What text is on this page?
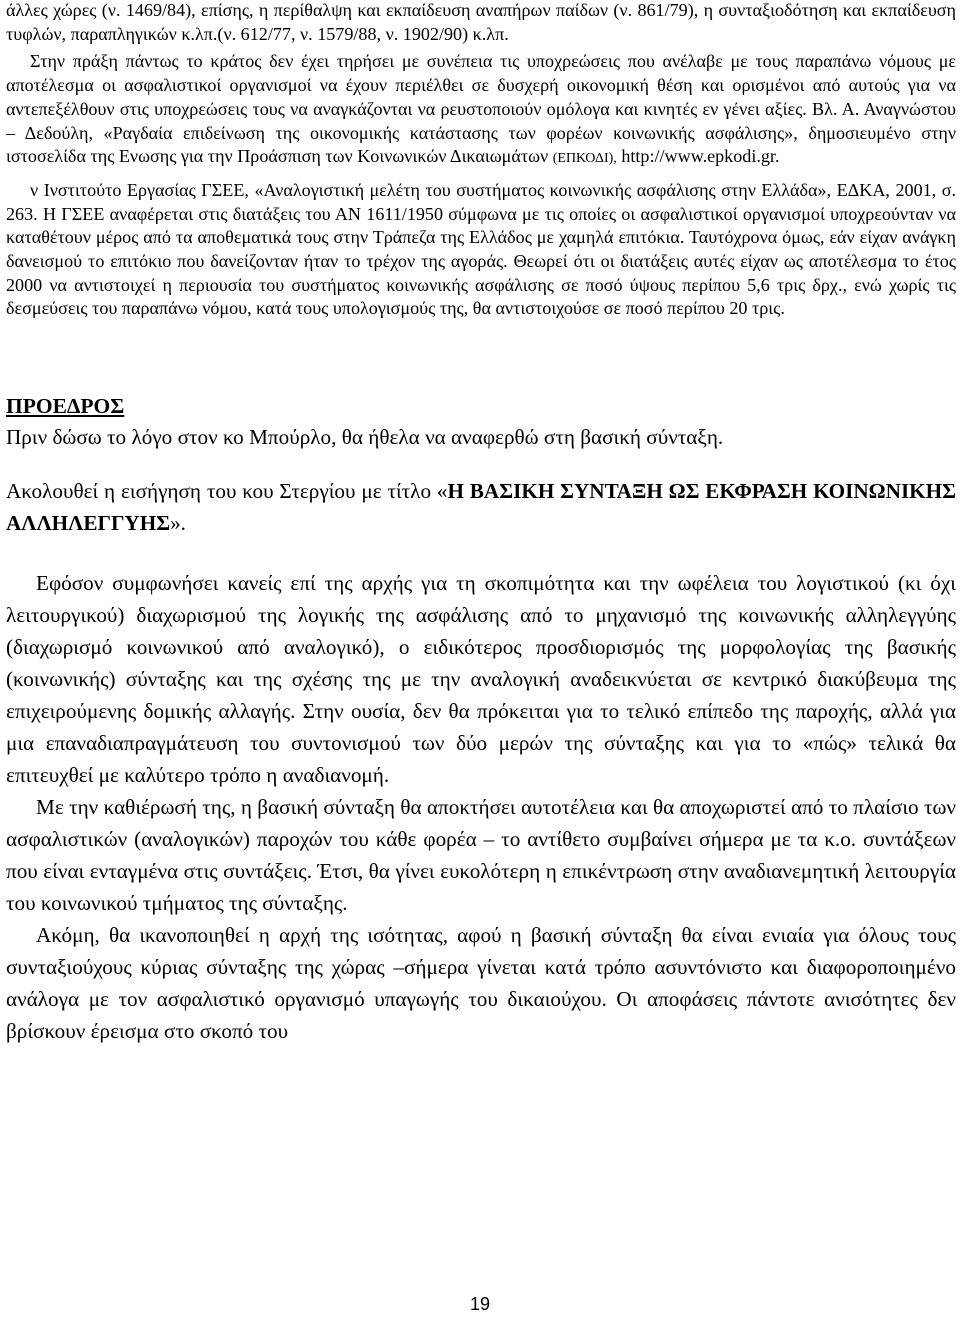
άλλες χώρες (ν. 1469/84), επίσης, η περίθαλψη και εκπαίδευση αναπήρων παίδων (ν. 861/79), η συνταξιοδότηση και εκπαίδευση τυφλών, παραπληγικών κ.λπ.(ν. 612/77, ν. 1579/88, ν. 1902/90) κ.λπ.

Στην πράξη πάντως το κράτος δεν έχει τηρήσει με συνέπεια τις υποχρεώσεις που ανέλαβε με τους παραπάνω νόμους με αποτέλεσμα οι ασφαλιστικοί οργανισμοί να έχουν περιέλθει σε δυσχερή οικονομική θέση και ορισμένοι από αυτούς για να αντεπεξέλθουν στις υποχρεώσεις τους να αναγκάζονται να ρευστοποιούν ομόλογα και κινητές εν γένει αξίες. Βλ. Α. Αναγνώστου – Δεδούλη, «Ραγδαία επιδείνωση της οικονομικής κατάστασης των φορέων κοινωνικής ασφάλισης», δημοσιευμένο στην ιστοσελίδα της Ενωσης για την Προάσπιση των Κοινωνικών Δικαιωμάτων (ΕΠΚΟΔΙ), http://www.epkodi.gr.

ν Ινστιτούτο Εργασίας ΓΣΕΕ, «Αναλογιστική μελέτη του συστήματος κοινωνικής ασφάλισης στην Ελλάδα», ΕΔΚΑ, 2001, σ. 263. Η ΓΣΕΕ αναφέρεται στις διατάξεις του ΑΝ 1611/1950 σύμφωνα με τις οποίες οι ασφαλιστικοί οργανισμοί υποχρεούνταν να καταθέτουν μέρος από τα αποθεματικά τους στην Τράπεζα της Ελλάδος με χαμηλά επιτόκια. Ταυτόχρονα όμως, εάν είχαν ανάγκη δανεισμού το επιτόκιο που δανείζονταν ήταν το τρέχον της αγοράς. Θεωρεί ότι οι διατάξεις αυτές είχαν ως αποτέλεσμα το έτος 2000 να αντιστοιχεί η περιουσία του συστήματος κοινωνικής ασφάλισης σε ποσό ύψους περίπου 5,6 τρις δρχ., ενώ χωρίς τις δεσμεύσεις του παραπάνω νόμου, κατά τους υπολογισμούς της, θα αντιστοιχούσε σε ποσό περίπου 20 τρις.

ΠΡΟΕΔΡΟΣ

Πριν δώσω το λόγο στον κο Μπούρλο, θα ήθελα να αναφερθώ στη βασική σύνταξη.

Ακολουθεί η εισήγηση του κου Στεργίου με τίτλο «Η ΒΑΣΙΚΗ ΣΥΝΤΑΞΗ ΩΣ ΕΚΦΡΑΣΗ ΚΟΙΝΩΝΙΚΗΣ ΑΛΛΗΛΕΓΓΥΗΣ».

Εφόσον συμφωνήσει κανείς επί της αρχής για τη σκοπιμότητα και την ωφέλεια του λογιστικού (κι όχι λειτουργικού) διαχωρισμού της λογικής της ασφάλισης από το μηχανισμό της κοινωνικής αλληλεγγύης (διαχωρισμό κοινωνικού από αναλογικό), ο ειδικότερος προσδιορισμός της μορφολογίας της βασικής (κοινωνικής) σύνταξης και της σχέσης της με την αναλογική αναδεικνύεται σε κεντρικό διακύβευμα της επιχειρούμενης δομικής αλλαγής. Στην ουσία, δεν θα πρόκειται για το τελικό επίπεδο της παροχής, αλλά για μια επαναδιαπραγμάτευση του συντονισμού των δύο μερών της σύνταξης και για το «πώς» τελικά θα επιτευχθεί με καλύτερο τρόπο η αναδιανομή.

Με την καθιέρωσή της, η βασική σύνταξη θα αποκτήσει αυτοτέλεια και θα αποχωριστεί από το πλαίσιο των ασφαλιστικών (αναλογικών) παροχών του κάθε φορέα – το αντίθετο συμβαίνει σήμερα με τα κ.ο. συντάξεων που είναι ενταγμένα στις συντάξεις. Έτσι, θα γίνει ευκολότερη η επικέντρωση στην αναδιανεμητική λειτουργία του κοινωνικού τμήματος της σύνταξης.

Ακόμη, θα ικανοποιηθεί η αρχή της ισότητας, αφού η βασική σύνταξη θα είναι ενιαία για όλους τους συνταξιούχους κύριας σύνταξης της χώρας –σήμερα γίνεται κατά τρόπο ασυντόνιστο και διαφοροποιημένο ανάλογα με τον ασφαλιστικό οργανισμό υπαγωγής του δικαιούχου. Οι αποφάσεις πάντοτε ανισότητες δεν βρίσκουν έρεισμα στο σκοπό του

19
